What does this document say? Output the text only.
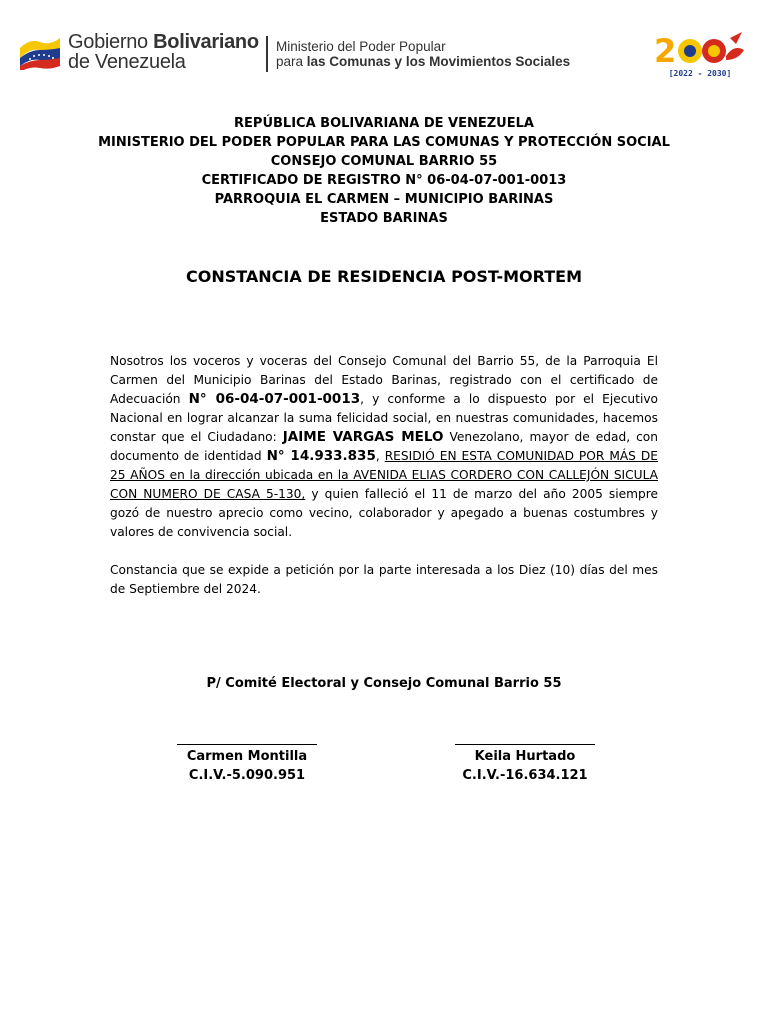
Gobierno Bolivariano
de Venezuela
Ministerio del Poder Popular
para las Comunas y los Movimientos Sociales	2
[2022 - 2030]
REPÚBLICA BOLIVARIANA DE VENEZUELA
MINISTERIO DEL PODER POPULAR PARA LAS COMUNAS Y PROTECCIÓN SOCIAL
CONSEJO COMUNAL BARRIO 55
CERTIFICADO DE REGISTRO N° 06-04-07-001-0013
PARROQUIA EL CARMEN – MUNICIPIO BARINAS
ESTADO BARINAS
CONSTANCIA DE RESIDENCIA POST-MORTEM

Nosotros los voceros y voceras del Consejo Comunal del Barrio 55, de la Parroquia El Carmen del Municipio Barinas del Estado Barinas, registrado con el certificado de Adecuación N° 06-04-07-001-0013, y conforme a lo dispuesto por el Ejecutivo Nacional en lograr alcanzar la suma felicidad social, en nuestras comunidades, hacemos constar que el Ciudadano: JAIME VARGAS MELO Venezolano, mayor de edad, con documento de identidad N° 14.933.835, RESIDIÓ EN ESTA COMUNIDAD POR MÁS DE 25 AÑOS en la dirección ubicada en la AVENIDA ELIAS CORDERO CON CALLEJÓN SICULA CON NUMERO DE CASA 5-130, y quien falleció el 11 de marzo del año 2005 siempre gozó de nuestro aprecio como vecino, colaborador y apegado a buenas costumbres y valores de convivencia social.

Constancia que se expide a petición por la parte interesada a los Diez (10) días del mes de Septiembre del 2024.
P/ Comité Electoral y Consejo Comunal Barrio 55
Carmen Montilla
C.I.V.-5.090.951
Keila Hurtado
C.I.V.-16.634.121
